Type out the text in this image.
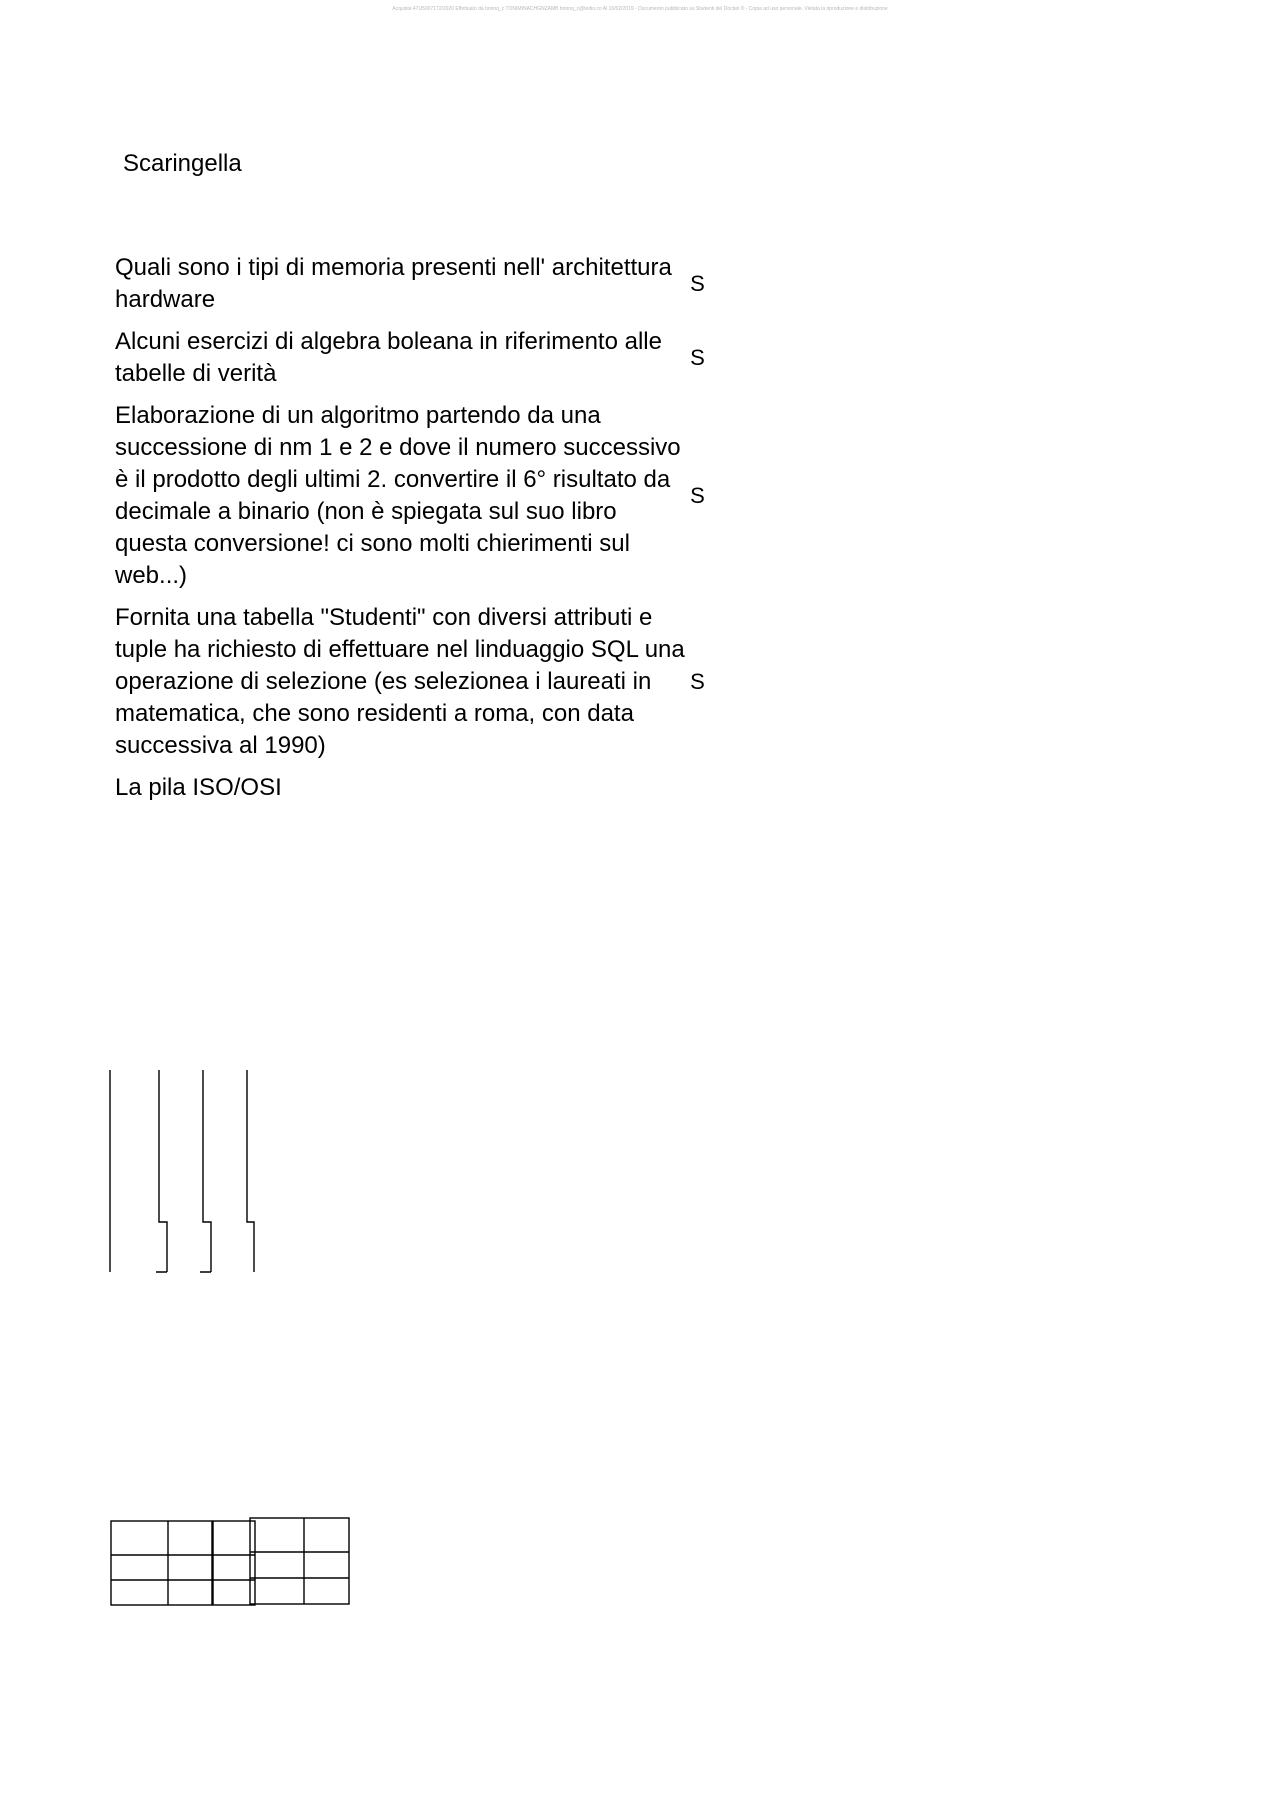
Acquista 47U5007172/2020 Effettuato da bnnnq_c TONIMINACHGNZAMB bnnnq_c@tedio.co Al 10/02/2019 - Documento pubblicato su Studenti del Docbel ® - Copia ad uso personale. Vietata la riproduzione e distribuzione
Scaringella
Quali sono i tipi di memoria presenti nell' architettura hardware	S
Alcuni esercizi di algebra boleana in riferimento alle tabelle di verità	S
Elaborazione di un algoritmo partendo da una successione di nm 1 e 2 e dove il numero successivo è il prodotto degli ultimi 2. convertire il 6° risultato da decimale a binario (non è spiegata sul suo libro questa conversione! ci sono molti chierimenti sul web...)	S
Fornita una tabella "Studenti" con diversi attributi e tuple ha richiesto di effettuare nel linduaggio SQL una operazione di selezione (es selezionea i laureati in matematica, che sono residenti a roma, con data successiva al 1990)	S
La pila ISO/OSI	
